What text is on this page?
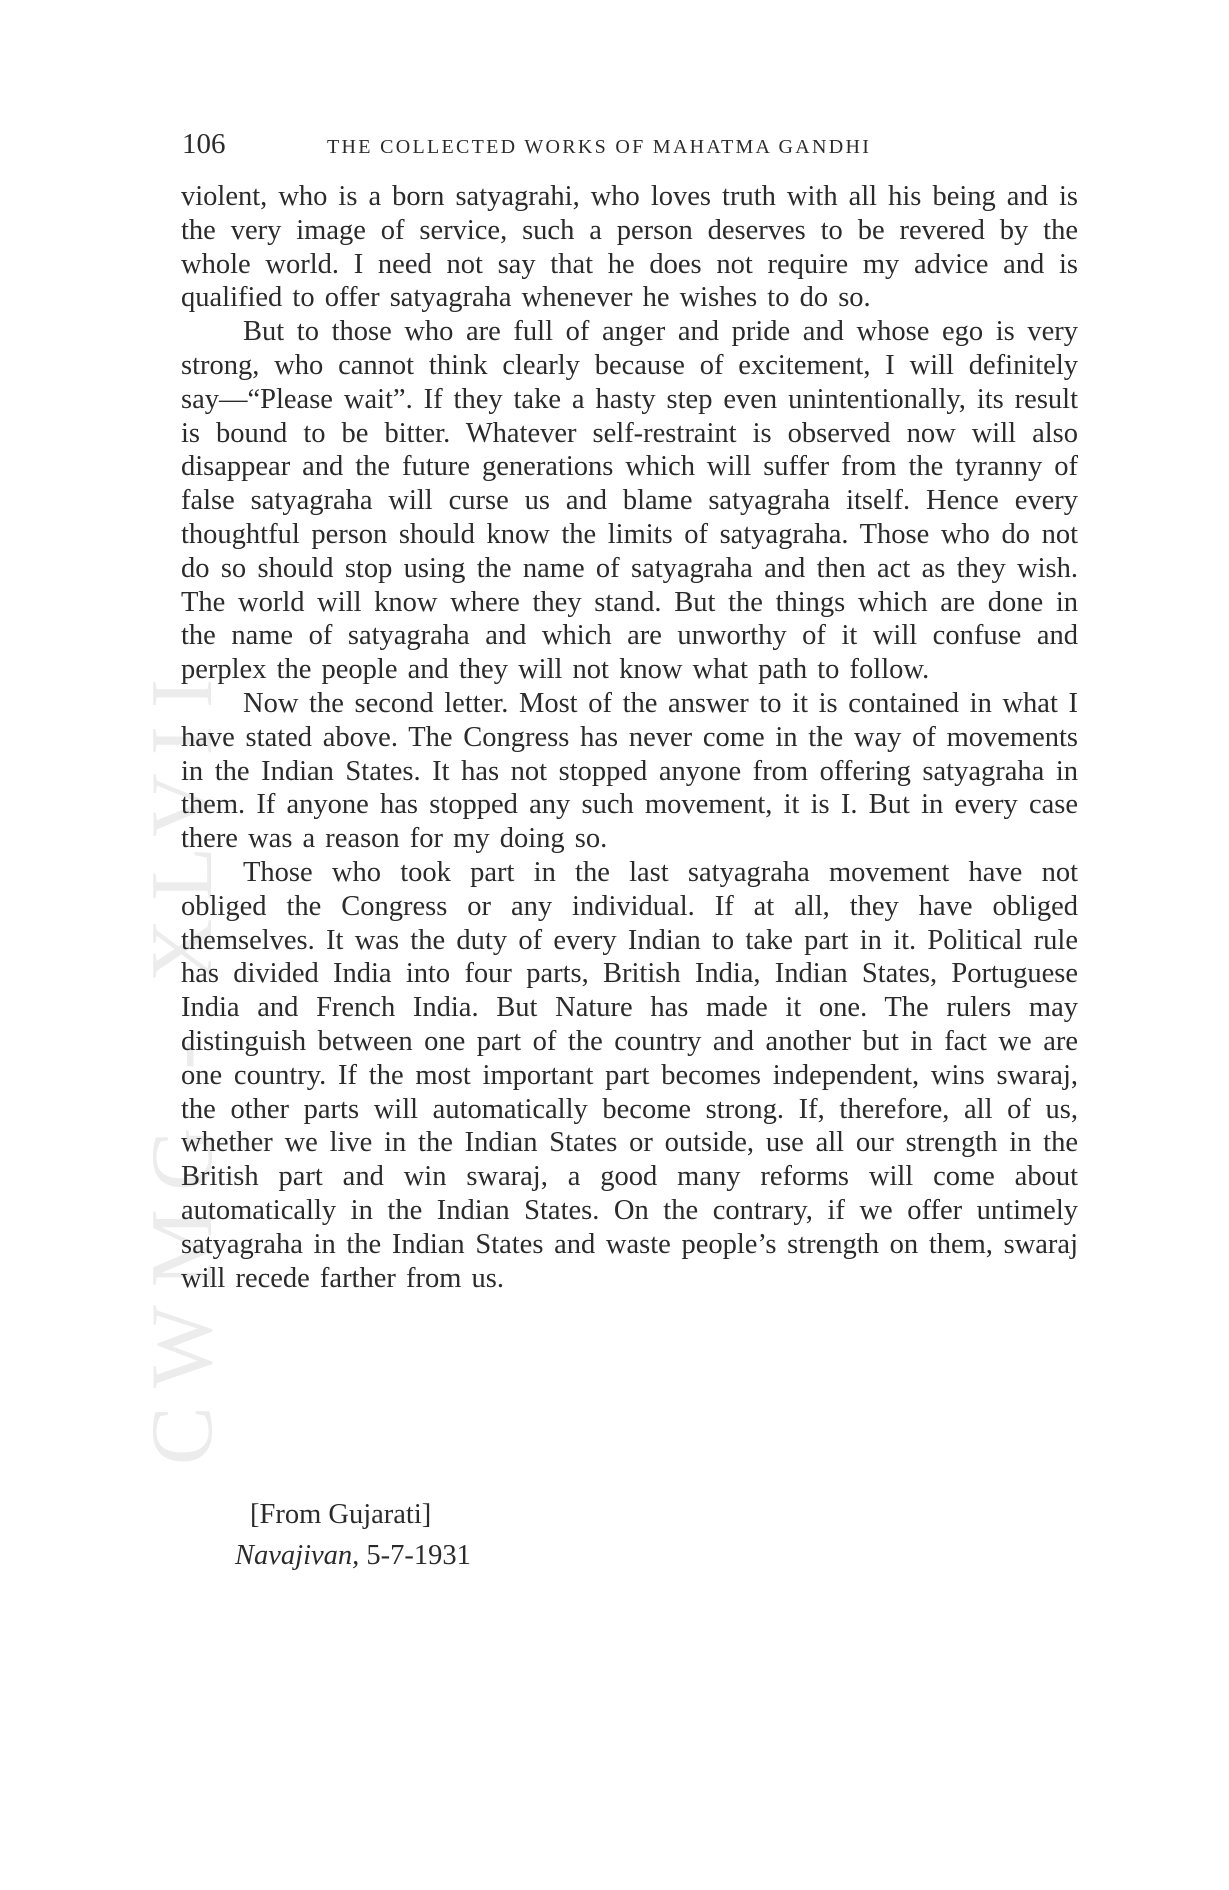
CWMG - XLVII
106	THE COLLECTED WORKS OF MAHATMA GANDHI

violent, who is a born satyagrahi, who loves truth with all his being and is the very image of service, such a person deserves to be revered by the whole world. I need not say that he does not require my advice and is qualified to offer satyagraha whenever he wishes to do so.

But to those who are full of anger and pride and whose ego is very strong, who cannot think clearly because of excitement, I will definitely say—“Please wait”. If they take a hasty step even unintentionally, its result is bound to be bitter. Whatever self-restraint is observed now will also disappear and the future generations which will suffer from the tyranny of false satyagraha will curse us and blame satyagraha itself. Hence every thoughtful person should know the limits of satyagraha. Those who do not do so should stop using the name of satyagraha and then act as they wish. The world will know where they stand. But the things which are done in the name of satyagraha and which are unworthy of it will confuse and perplex the people and they will not know what path to follow.

Now the second letter. Most of the answer to it is contained in what I have stated above. The Congress has never come in the way of movements in the Indian States. It has not stopped anyone from offering satyagraha in them. If anyone has stopped any such movement, it is I. But in every case there was a reason for my doing so.

Those who took part in the last satyagraha movement have not obliged the Congress or any individual. If at all, they have obliged themselves. It was the duty of every Indian to take part in it. Political rule has divided India into four parts, British India, Indian States, Portuguese India and French India. But Nature has made it one. The rulers may distinguish between one part of the country and another but in fact we are one country. If the most important part becomes independent, wins swaraj, the other parts will automatically become strong. If, therefore, all of us, whether we live in the Indian States or outside, use all our strength in the British part and win swaraj, a good many reforms will come about automatically in the Indian States. On the contrary, if we offer untimely satyagraha in the Indian States and waste people’s strength on them, swaraj will recede farther from us.

[From Gujarati]
Navajivan, 5-7-1931
